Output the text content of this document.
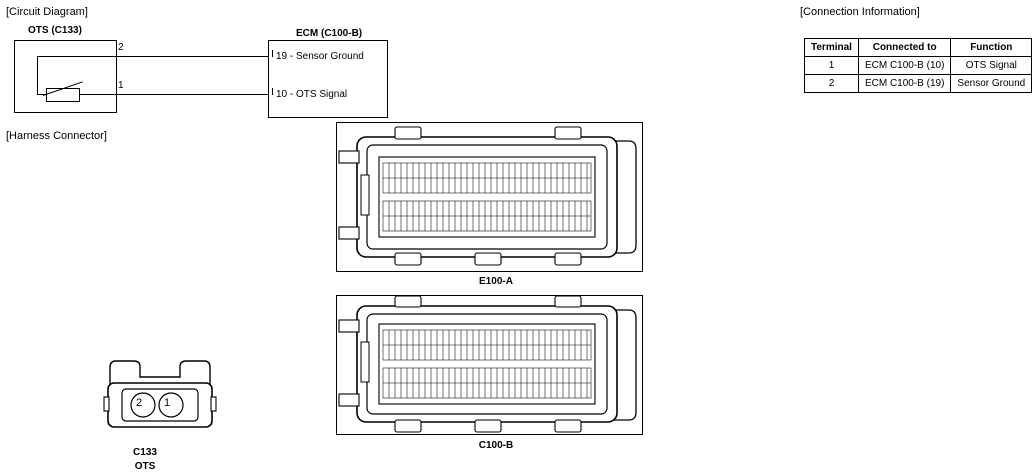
[Circuit Diagram]
OTS (C133)	ECM (C100-B)
2
1
19 - Sensor Ground
10 - OTS Signal
[Connection Information]
Terminal	Connected to	Function
1	ECM C100-B (10)	OTS Signal
2	ECM C100-B (19)	Sensor Ground
[Harness Connector]
2 1
C133
OTS
E100-A
C100-B
